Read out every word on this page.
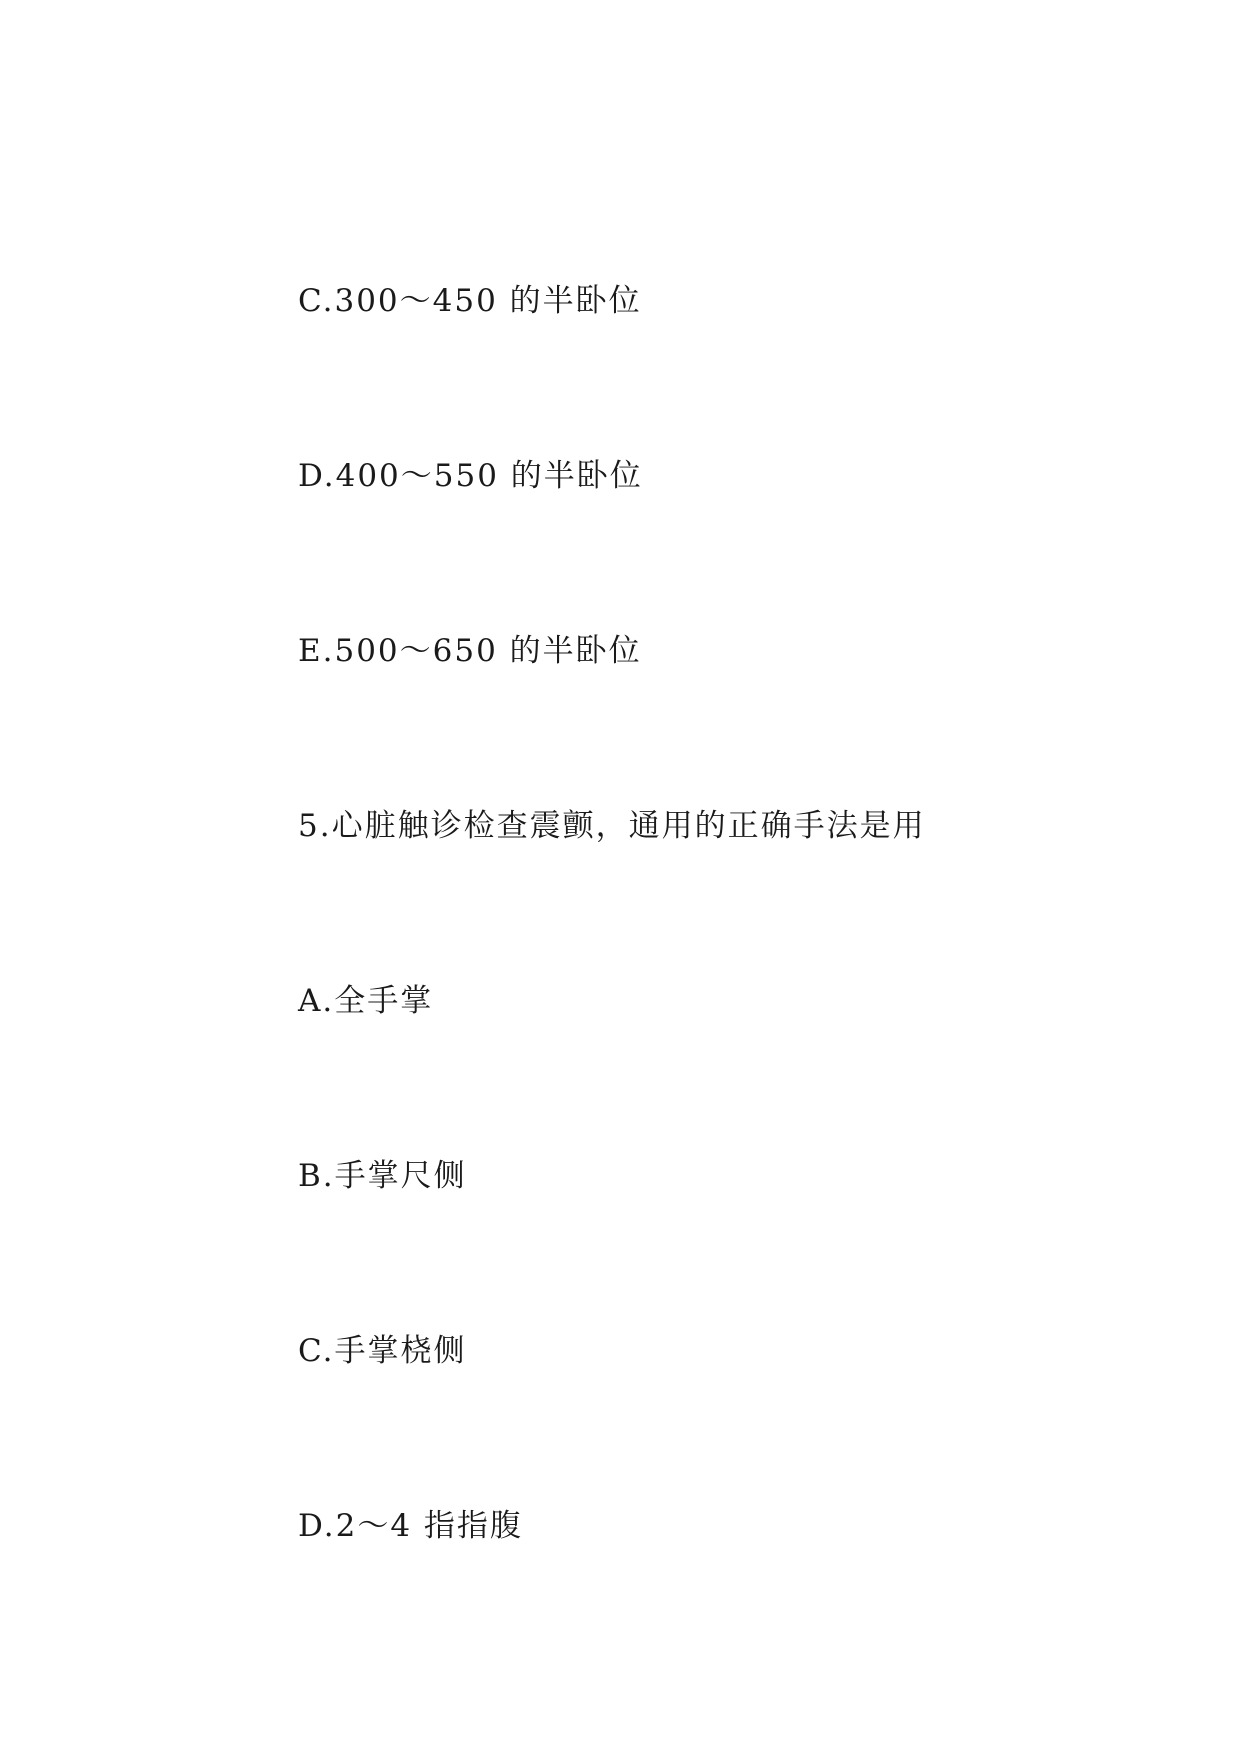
C.300～450 的半卧位
D.400～550 的半卧位
E.500～650 的半卧位
5.心脏触诊检查震颤，通用的正确手法是用
A.全手掌
B.手掌尺侧
C.手掌桡侧
D.2～4 指指腹
